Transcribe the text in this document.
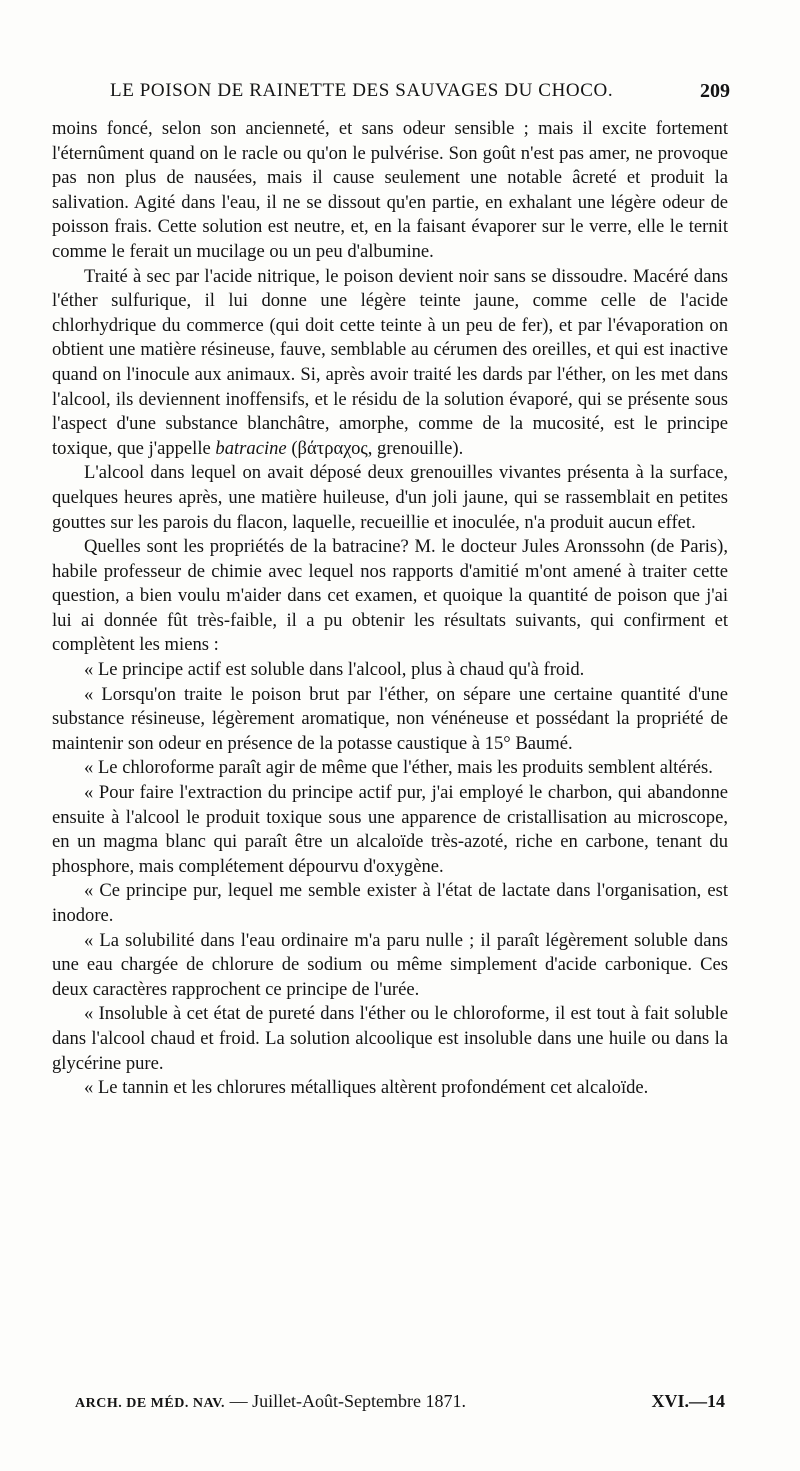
LE POISON DE RAINETTE DES SAUVAGES DU CHOCO.	209

moins foncé, selon son ancienneté, et sans odeur sensible ; mais il excite fortement l'éternûment quand on le racle ou qu'on le pulvérise. Son goût n'est pas amer, ne provoque pas non plus de nausées, mais il cause seulement une notable âcreté et produit la salivation. Agité dans l'eau, il ne se dissout qu'en partie, en exhalant une légère odeur de poisson frais. Cette solution est neutre, et, en la faisant évaporer sur le verre, elle le ternit comme le ferait un mucilage ou un peu d'albumine.

Traité à sec par l'acide nitrique, le poison devient noir sans se dissoudre. Macéré dans l'éther sulfurique, il lui donne une légère teinte jaune, comme celle de l'acide chlorhydrique du commerce (qui doit cette teinte à un peu de fer), et par l'évaporation on obtient une matière résineuse, fauve, semblable au cérumen des oreilles, et qui est inactive quand on l'inocule aux animaux. Si, après avoir traité les dards par l'éther, on les met dans l'alcool, ils deviennent inoffensifs, et le résidu de la solution évaporé, qui se présente sous l'aspect d'une substance blanchâtre, amorphe, comme de la mucosité, est le principe toxique, que j'appelle batracine (βάτραχος, grenouille).

L'alcool dans lequel on avait déposé deux grenouilles vivantes présenta à la surface, quelques heures après, une matière huileuse, d'un joli jaune, qui se rassemblait en petites gouttes sur les parois du flacon, laquelle, recueillie et inoculée, n'a produit aucun effet.

Quelles sont les propriétés de la batracine? M. le docteur Jules Aronssohn (de Paris), habile professeur de chimie avec lequel nos rapports d'amitié m'ont amené à traiter cette question, a bien voulu m'aider dans cet examen, et quoique la quantité de poison que j'ai lui ai donnée fût très-faible, il a pu obtenir les résultats suivants, qui confirment et complètent les miens :

« Le principe actif est soluble dans l'alcool, plus à chaud qu'à froid.

« Lorsqu'on traite le poison brut par l'éther, on sépare une certaine quantité d'une substance résineuse, légèrement aromatique, non vénéneuse et possédant la propriété de maintenir son odeur en présence de la potasse caustique à 15° Baumé.

« Le chloroforme paraît agir de même que l'éther, mais les produits semblent altérés.

« Pour faire l'extraction du principe actif pur, j'ai employé le charbon, qui abandonne ensuite à l'alcool le produit toxique sous une apparence de cristallisation au microscope, en un magma blanc qui paraît être un alcaloïde très-azoté, riche en carbone, tenant du phosphore, mais complétement dépourvu d'oxygène.

« Ce principe pur, lequel me semble exister à l'état de lactate dans l'organisation, est inodore.

« La solubilité dans l'eau ordinaire m'a paru nulle ; il paraît légèrement soluble dans une eau chargée de chlorure de sodium ou même simplement d'acide carbonique. Ces deux caractères rapprochent ce principe de l'urée.

« Insoluble à cet état de pureté dans l'éther ou le chloroforme, il est tout à fait soluble dans l'alcool chaud et froid. La solution alcoolique est insoluble dans une huile ou dans la glycérine pure.

« Le tannin et les chlorures métalliques altèrent profondément cet alcaloïde.

ARCH. DE MÉD. NAV. — Juillet-Août-Septembre 1871.	XVI.—14
